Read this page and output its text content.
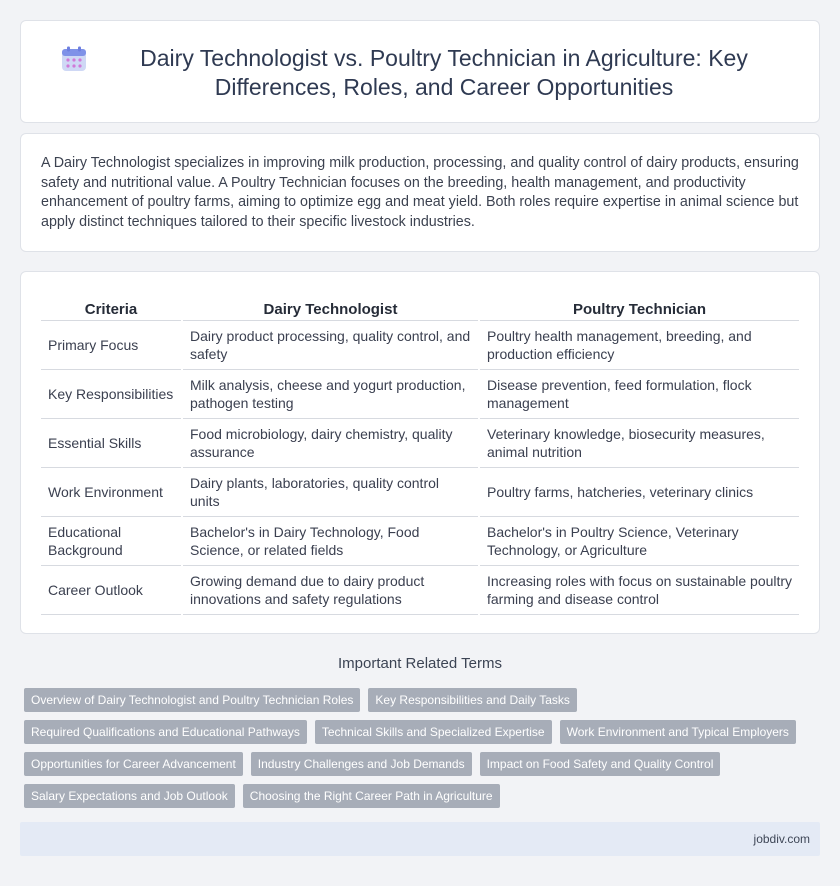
Dairy Technologist vs. Poultry Technician in Agriculture: Key Differences, Roles, and Career Opportunities

A Dairy Technologist specializes in improving milk production, processing, and quality control of dairy products, ensuring safety and nutritional value. A Poultry Technician focuses on the breeding, health management, and productivity enhancement of poultry farms, aiming to optimize egg and meat yield. Both roles require expertise in animal science but apply distinct techniques tailored to their specific livestock industries.

Criteria	Dairy Technologist	Poultry Technician
Primary Focus	Dairy product processing, quality control, and safety	Poultry health management, breeding, and production efficiency
Key Responsibilities	Milk analysis, cheese and yogurt production, pathogen testing	Disease prevention, feed formulation, flock management
Essential Skills	Food microbiology, dairy chemistry, quality assurance	Veterinary knowledge, biosecurity measures, animal nutrition
Work Environment	Dairy plants, laboratories, quality control units	Poultry farms, hatcheries, veterinary clinics
Educational Background	Bachelor's in Dairy Technology, Food Science, or related fields	Bachelor's in Poultry Science, Veterinary Technology, or Agriculture
Career Outlook	Growing demand due to dairy product innovations and safety regulations	Increasing roles with focus on sustainable poultry farming and disease control
Important Related Terms
Overview of Dairy Technologist and Poultry Technician Roles	Key Responsibilities and Daily Tasks
Required Qualifications and Educational Pathways	Technical Skills and Specialized Expertise	Work Environment and Typical Employers
Opportunities for Career Advancement	Industry Challenges and Job Demands	Impact on Food Safety and Quality Control
Salary Expectations and Job Outlook	Choosing the Right Career Path in Agriculture
jobdiv.com
